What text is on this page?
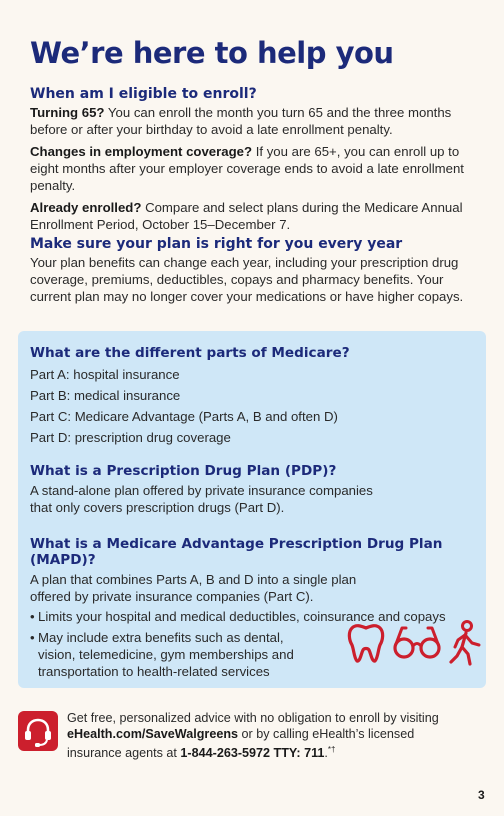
We’re here to help you
When am I eligible to enroll?

Turning 65? You can enroll the month you turn 65 and the three months before or after your birthday to avoid a late enrollment penalty.

Changes in employment coverage? If you are 65+, you can enroll up to eight months after your employer coverage ends to avoid a late enrollment penalty.

Already enrolled? Compare and select plans during the Medicare Annual Enrollment Period, October 15–December 7.

Make sure your plan is right for you every year

Your plan benefits can change each year, including your prescription drug coverage, premiums, deductibles, copays and pharmacy benefits. Your current plan may no longer cover your medications or have higher copays.

What are the different parts of Medicare?
Part A: hospital insurance
Part B: medical insurance
Part C: Medicare Advantage (Parts A, B and often D)
Part D: prescription drug coverage
What is a Prescription Drug Plan (PDP)?

A stand-alone plan offered by private insurance companies that only covers prescription drugs (Part D).

What is a Medicare Advantage Prescription Drug Plan (MAPD)?

A plan that combines Parts A, B and D into a single plan offered by private insurance companies (Part C).

• Limits your hospital and medical deductibles, coinsurance and copays
• May include extra benefits such as dental, vision, telemedicine, gym memberships and transportation to health-related services

Get free, personalized advice with no obligation to enroll by visiting eHealth.com/SaveWalgreens or by calling eHealth’s licensed insurance agents at 1-844-263-5972 TTY: 711.*†

3
